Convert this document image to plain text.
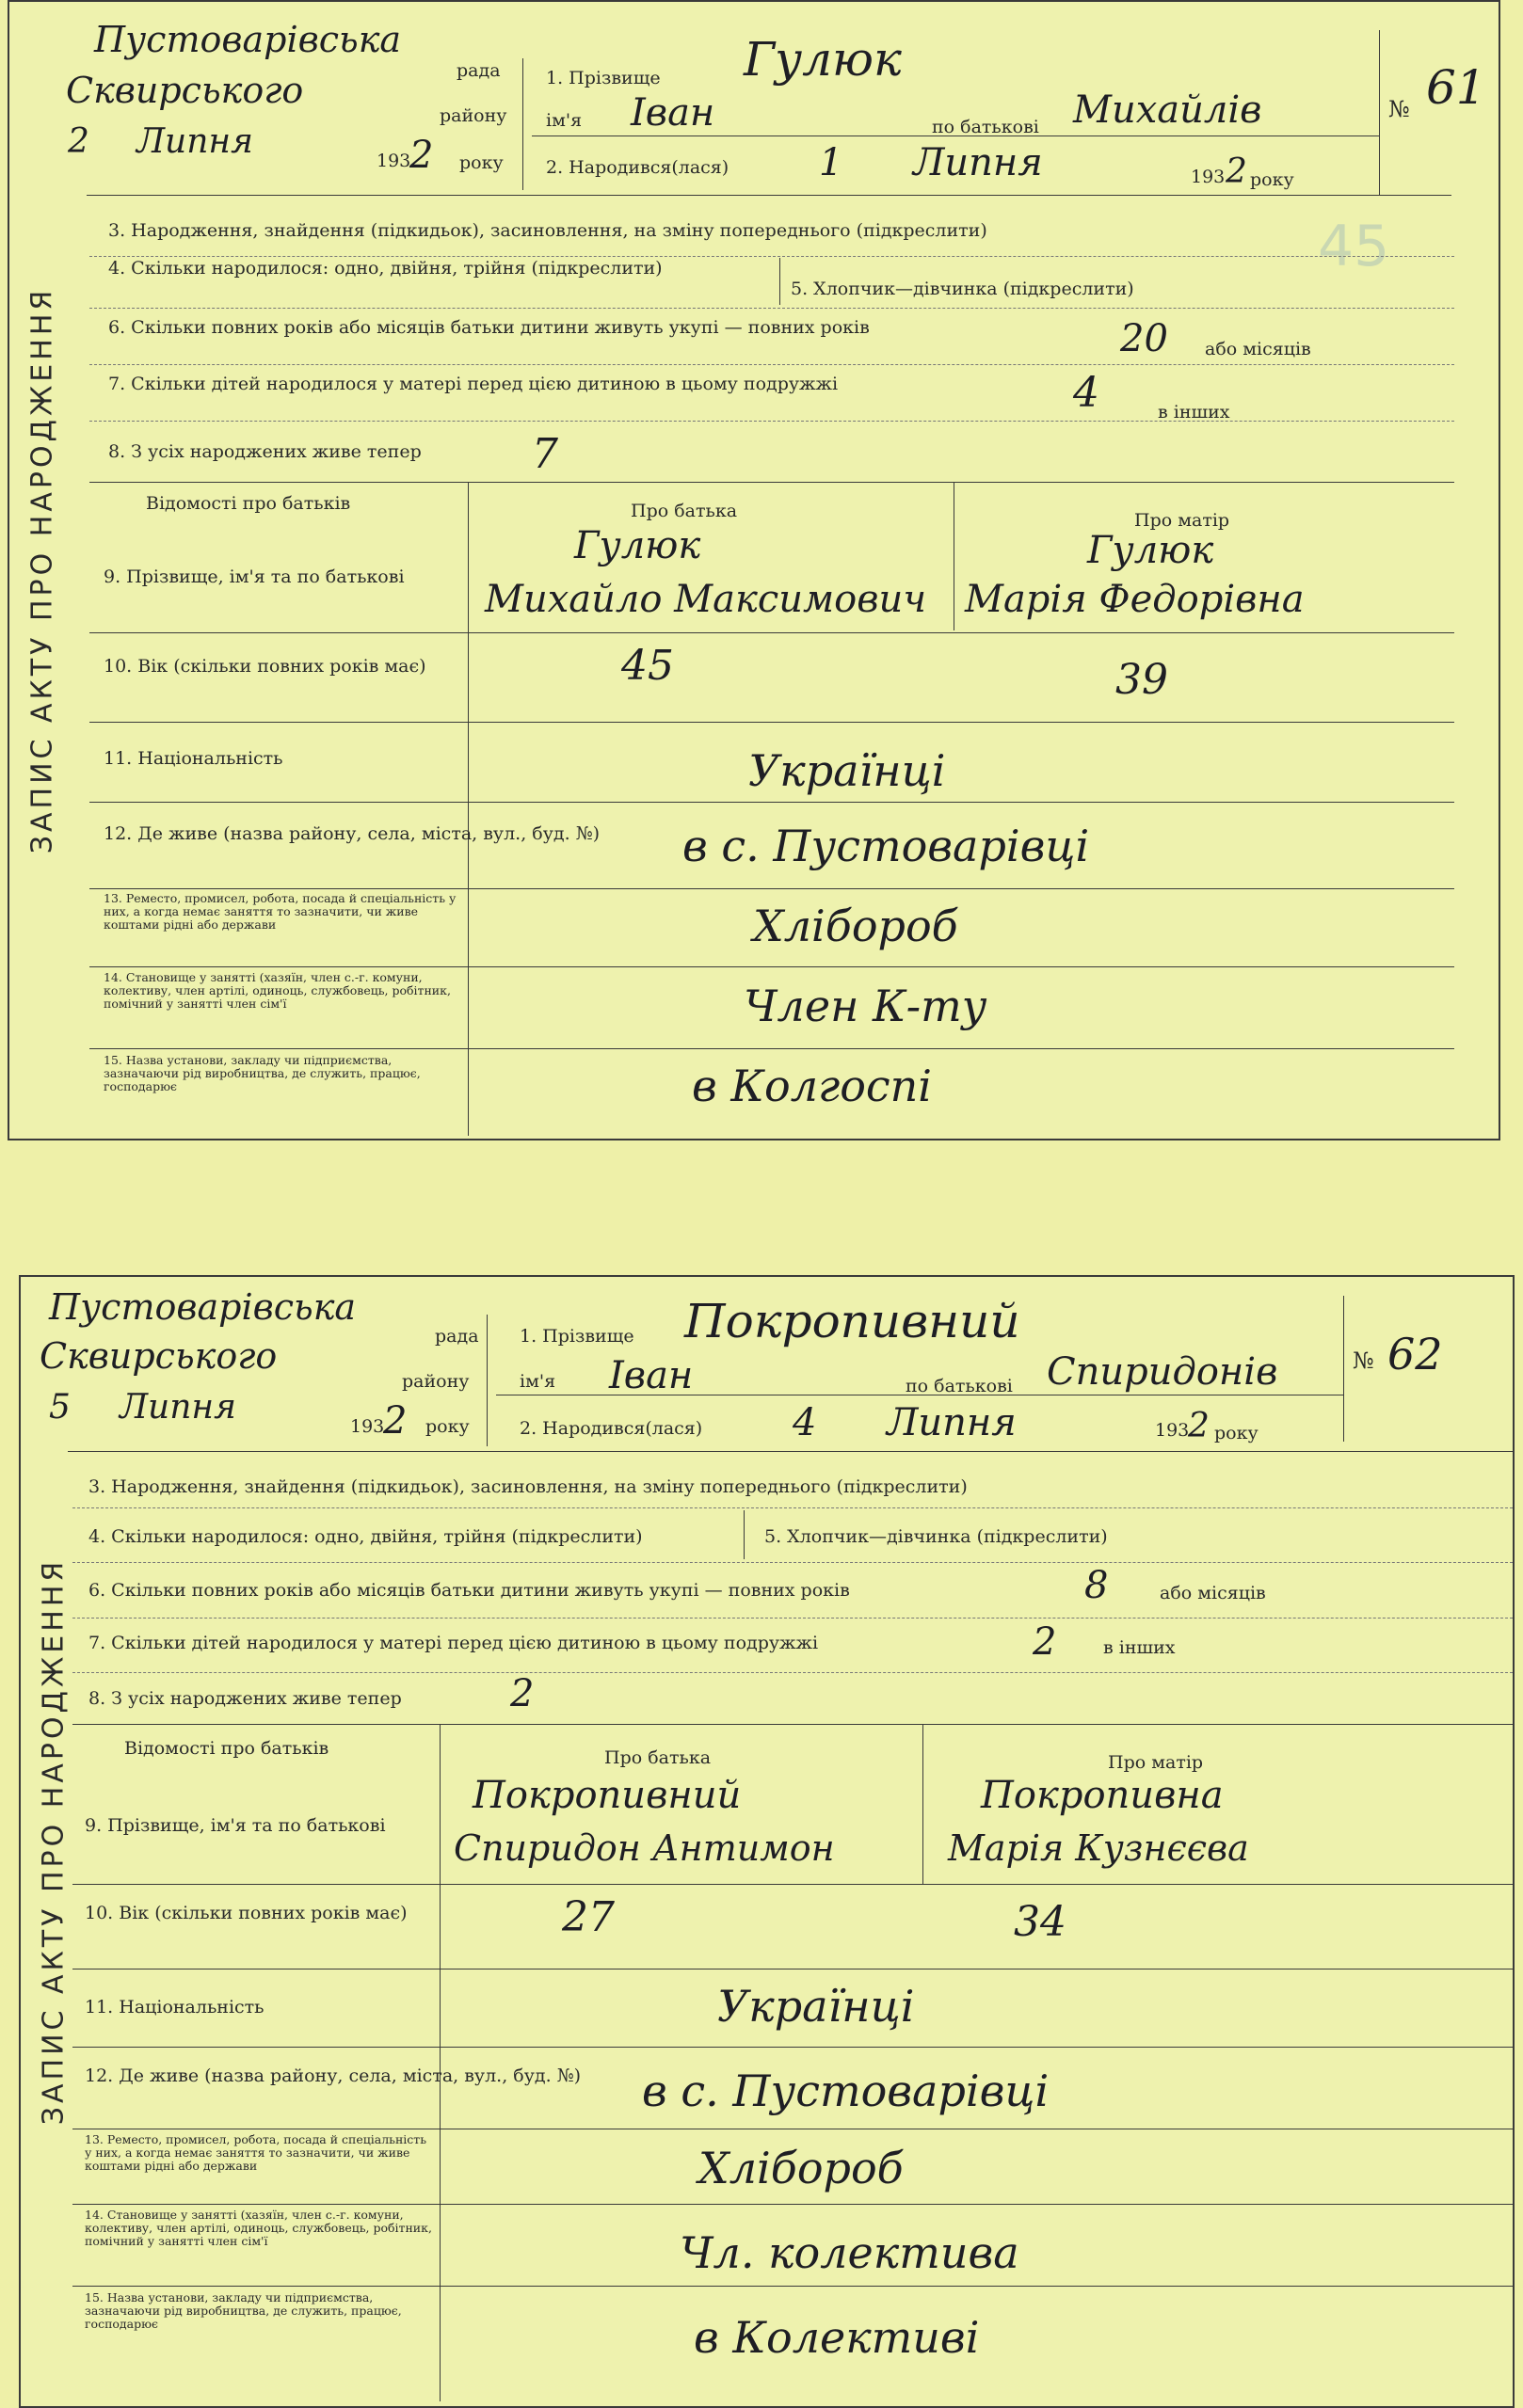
ЗАПИС АКТУ ПРО НАРОДЖЕННЯ
Пустоварівська
рада
Сквирського
району
2 Липня	193
2 року
1. Прізвище Гулюк
ім'я Іван	по батькові Михайлів
2. Народився(лася) 1 Липня	193 2 року
№ 61
45
3. Народження, знайдення (підкидьок), засиновлення, на зміну попереднього (підкреслити)
4. Скільки народилося: одно, двійня, трійня (підкреслити)
5. Хлопчик—дівчинка (підкреслити)
6. Скільки повних років або місяців батьки дитини живуть укупі — повних років	20 або місяців
7. Скільки дітей народилося у матері перед цією дитиною в цьому подружжі	4	в інших
8. З усіх народжених живе тепер	7
Відомості про батьків	Про батька	Про матір
9. Прізвище, ім'я та по батькові
Гулюк
Михайло Максимович
Гулюк
Марія Федорівна
10. Вік (скільки повних років має)	45	39
11. Національність	Українці
12. Де живе (назва району, села, міста, вул., буд. №) в с. Пустоварівці
13. Реместо, промисел, робота, посада й спеціальність у них, а когда немає заняття то зазначити, чи живе коштами рідні або держави	Хлібороб
14. Становище у занятті (хазяїн, член с.-г. комуни, колективу, член артілі, одиноць, службовець, робітник, помічний у занятті член сім'ї	Член К-ту
15. Назва установи, закладу чи підприємства, зазначаючи рід виробництва, де служить, працює, господарює	в Колгоспі
ЗАПИС АКТУ ПРО НАРОДЖЕННЯ
Пустоварівська
рада
Сквирського
району
5 Липня	193
2 року
1. Прізвище Покропивний
ім'я Іван	по батькові Спиридонів
2. Народився(лася) 4 Липня	193
2 року
№ 62
3. Народження, знайдення (підкидьок), засиновлення, на зміну попереднього (підкреслити)
4. Скільки народилося: одно, двійня, трійня (підкреслити)	5. Хлопчик—дівчинка (підкреслити)
6. Скільки повних років або місяців батьки дитини живуть укупі — повних років	8	або місяців
7. Скільки дітей народилося у матері перед цією дитиною в цьому подружжі	2	в інших
8. З усіх народжених живе тепер	2
Відомості про батьків	Про батька	Про матір
9. Прізвище, ім'я та по батькові
Покропивний
Спиридон Антимон
Покропивна
Марія Кузнєєва
10. Вік (скільки повних років має)	27	34
11. Національність	Українці
12. Де живе (назва району, села, міста, вул., буд. №) в с. Пустоварівці
13. Реместо, промисел, робота, посада й спеціальність у них, а когда немає заняття то зазначити, чи живе коштами рідні або держави	Хлібороб
14. Становище у занятті (хазяїн, член с.-г. комуни, колективу, член артілі, одиноць, службовець, робітник, помічний у занятті член сім'ї	Чл. колектива
15. Назва установи, закладу чи підприємства, зазначаючи рід виробництва, де служить, працює, господарює	в Колективі
